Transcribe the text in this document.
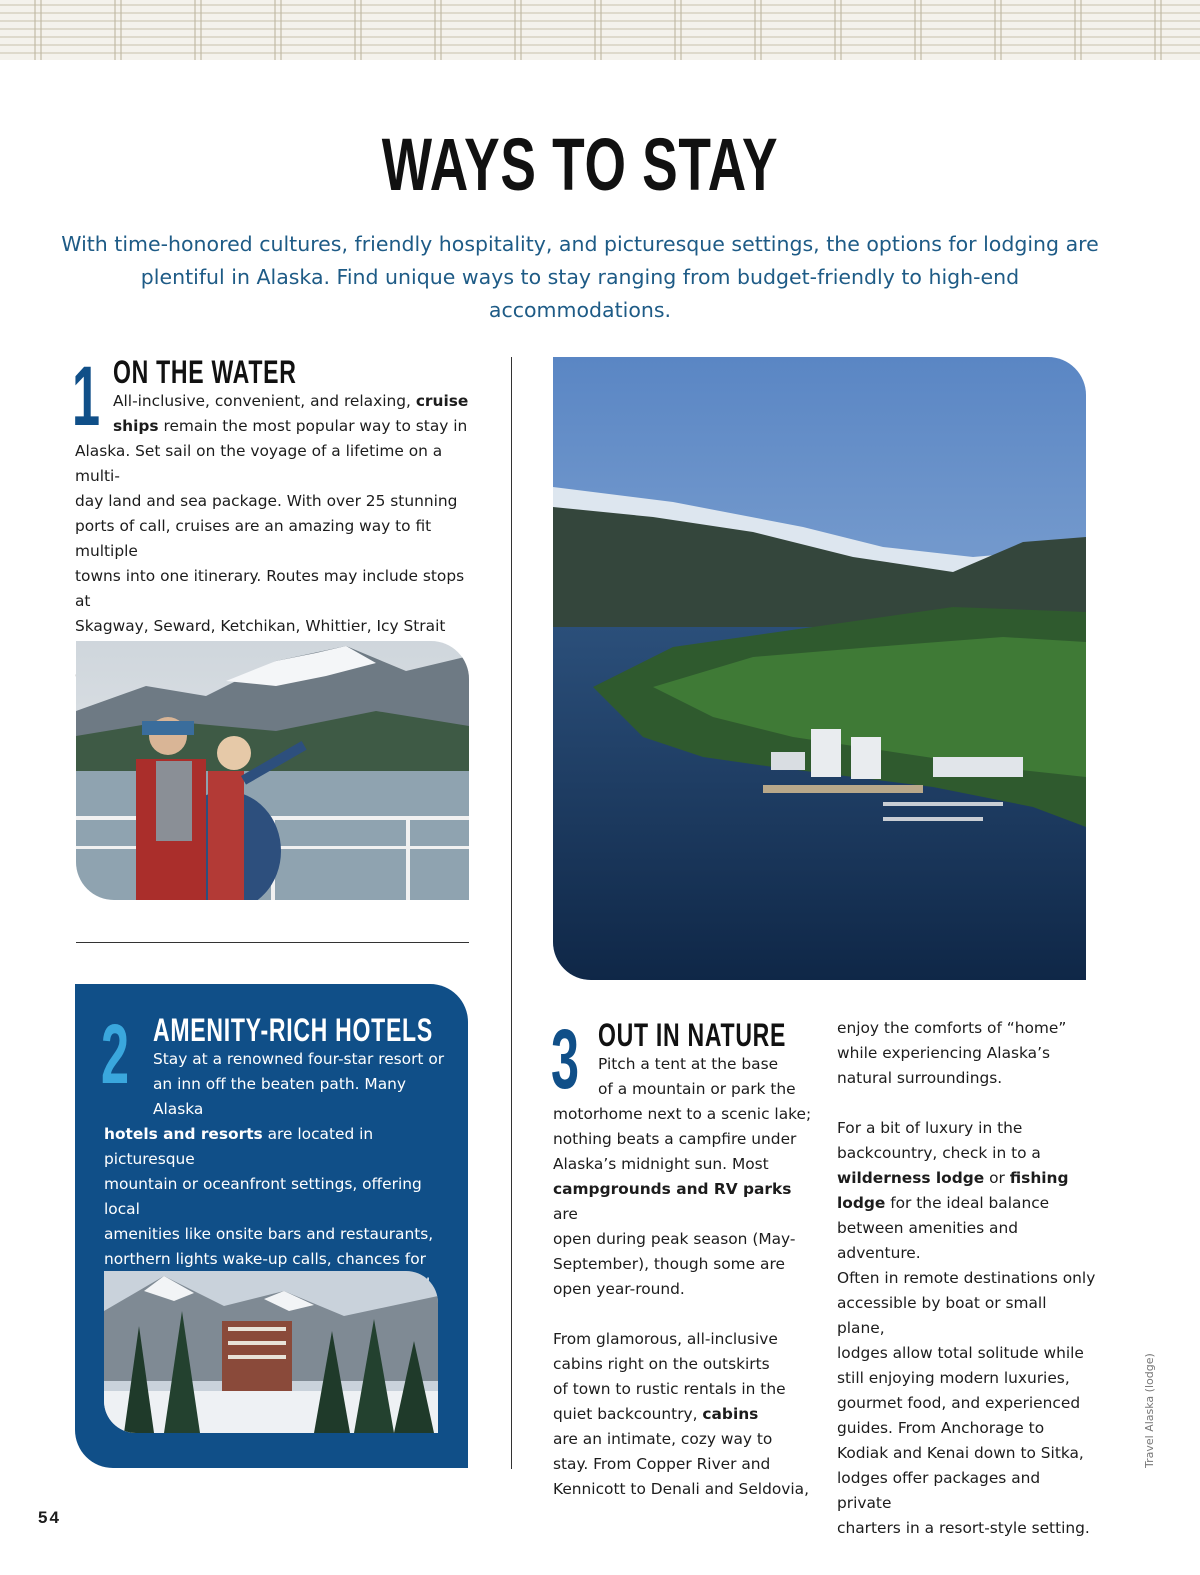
WAYS TO STAY
With time-honored cultures, friendly hospitality, and picturesque settings, the options for lodging are
plentiful in Alaska. Find unique ways to stay ranging from budget-friendly to high-end accommodations.
1 ON THE WATER
All-inclusive, convenient, and relaxing, cruise
ships remain the most popular way to stay in
Alaska. Set sail on the voyage of a lifetime on a multi-
day land and sea package. With over 25 stunning
ports of call, cruises are an amazing way to fit multiple
towns into one itinerary. Routes may include stops at
Skagway, Seward, Ketchikan, Whittier, Icy Strait
2 AMENITY-RICH HOTELS
Stay at a renowned four-star resort or
an inn off the beaten path. Many Alaska
hotels and resorts are located in picturesque
mountain or oceanfront settings, offering local
amenities like onsite bars and restaurants,
northern lights wake-up calls, chances for
3 OUT IN NATURE
Pitch a tent at the base
of a mountain or park the
motorhome next to a scenic lake;
nothing beats a campfire under
Alaska’s midnight sun. Most
campgrounds and RV parks are
open during peak season (May-
September), though some are
open year-round.

From glamorous, all-inclusive
cabins right on the outskirts
of town to rustic rentals in the
quiet backcountry, cabins
are an intimate, cozy way to
stay. From Copper River and
Kennicott to Denali and Seldovia,
enjoy the comforts of “home”
while experiencing Alaska’s
natural surroundings.

For a bit of luxury in the
backcountry, check in to a
wilderness lodge or fishing
lodge for the ideal balance
between amenities and adventure.
Often in remote destinations only
accessible by boat or small plane,
lodges allow total solitude while
still enjoying modern luxuries,
gourmet food, and experienced
guides. From Anchorage to
Kodiak and Kenai down to Sitka,
lodges offer packages and private
charters in a resort-style setting.
54
Travel Alaska (lodge)
